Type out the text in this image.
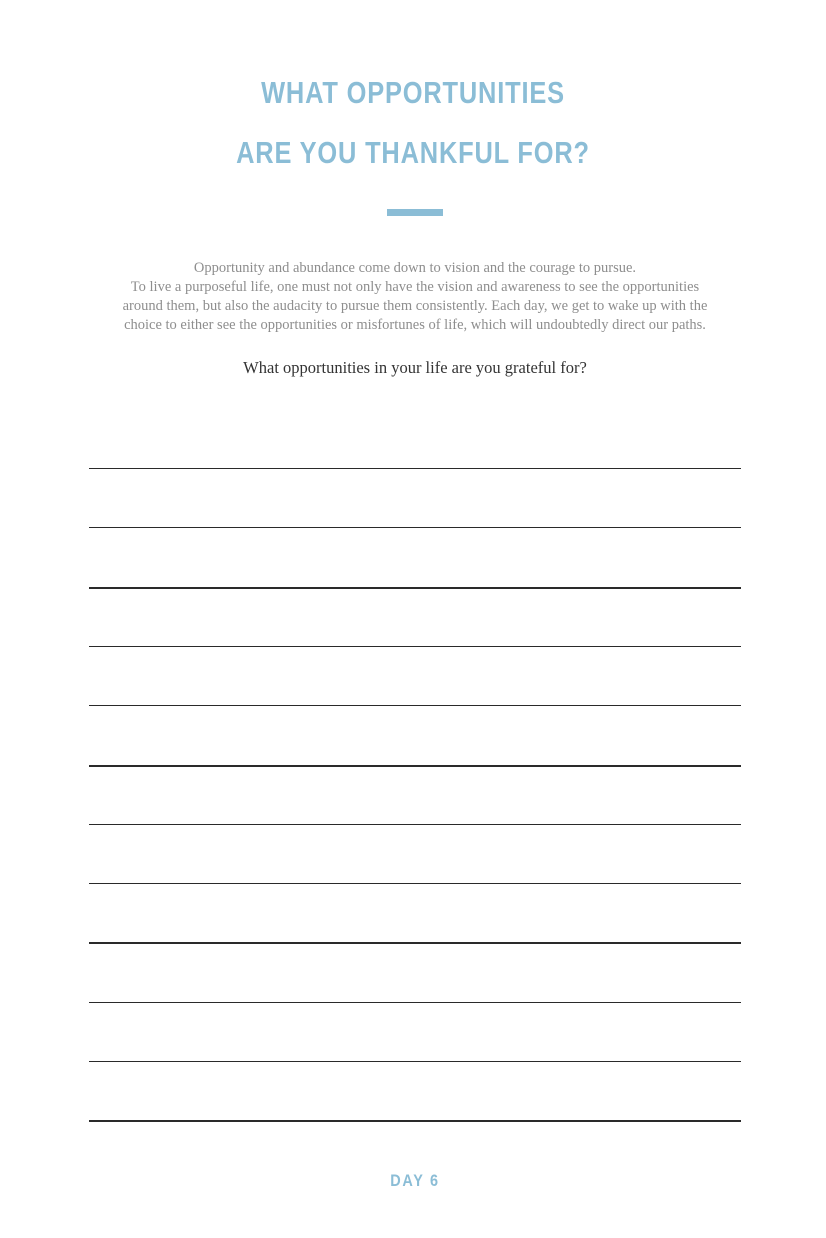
WHAT OPPORTUNITIES
ARE YOU THANKFUL FOR?

Opportunity and abundance come down to vision and the courage to pursue.
To live a purposeful life, one must not only have the vision and awareness to see the opportunities
around them, but also the audacity to pursue them consistently. Each day, we get to wake up with the
choice to either see the opportunities or misfortunes of life, which will undoubtedly direct our paths.

What opportunities in your life are you grateful for?

DAY 6
